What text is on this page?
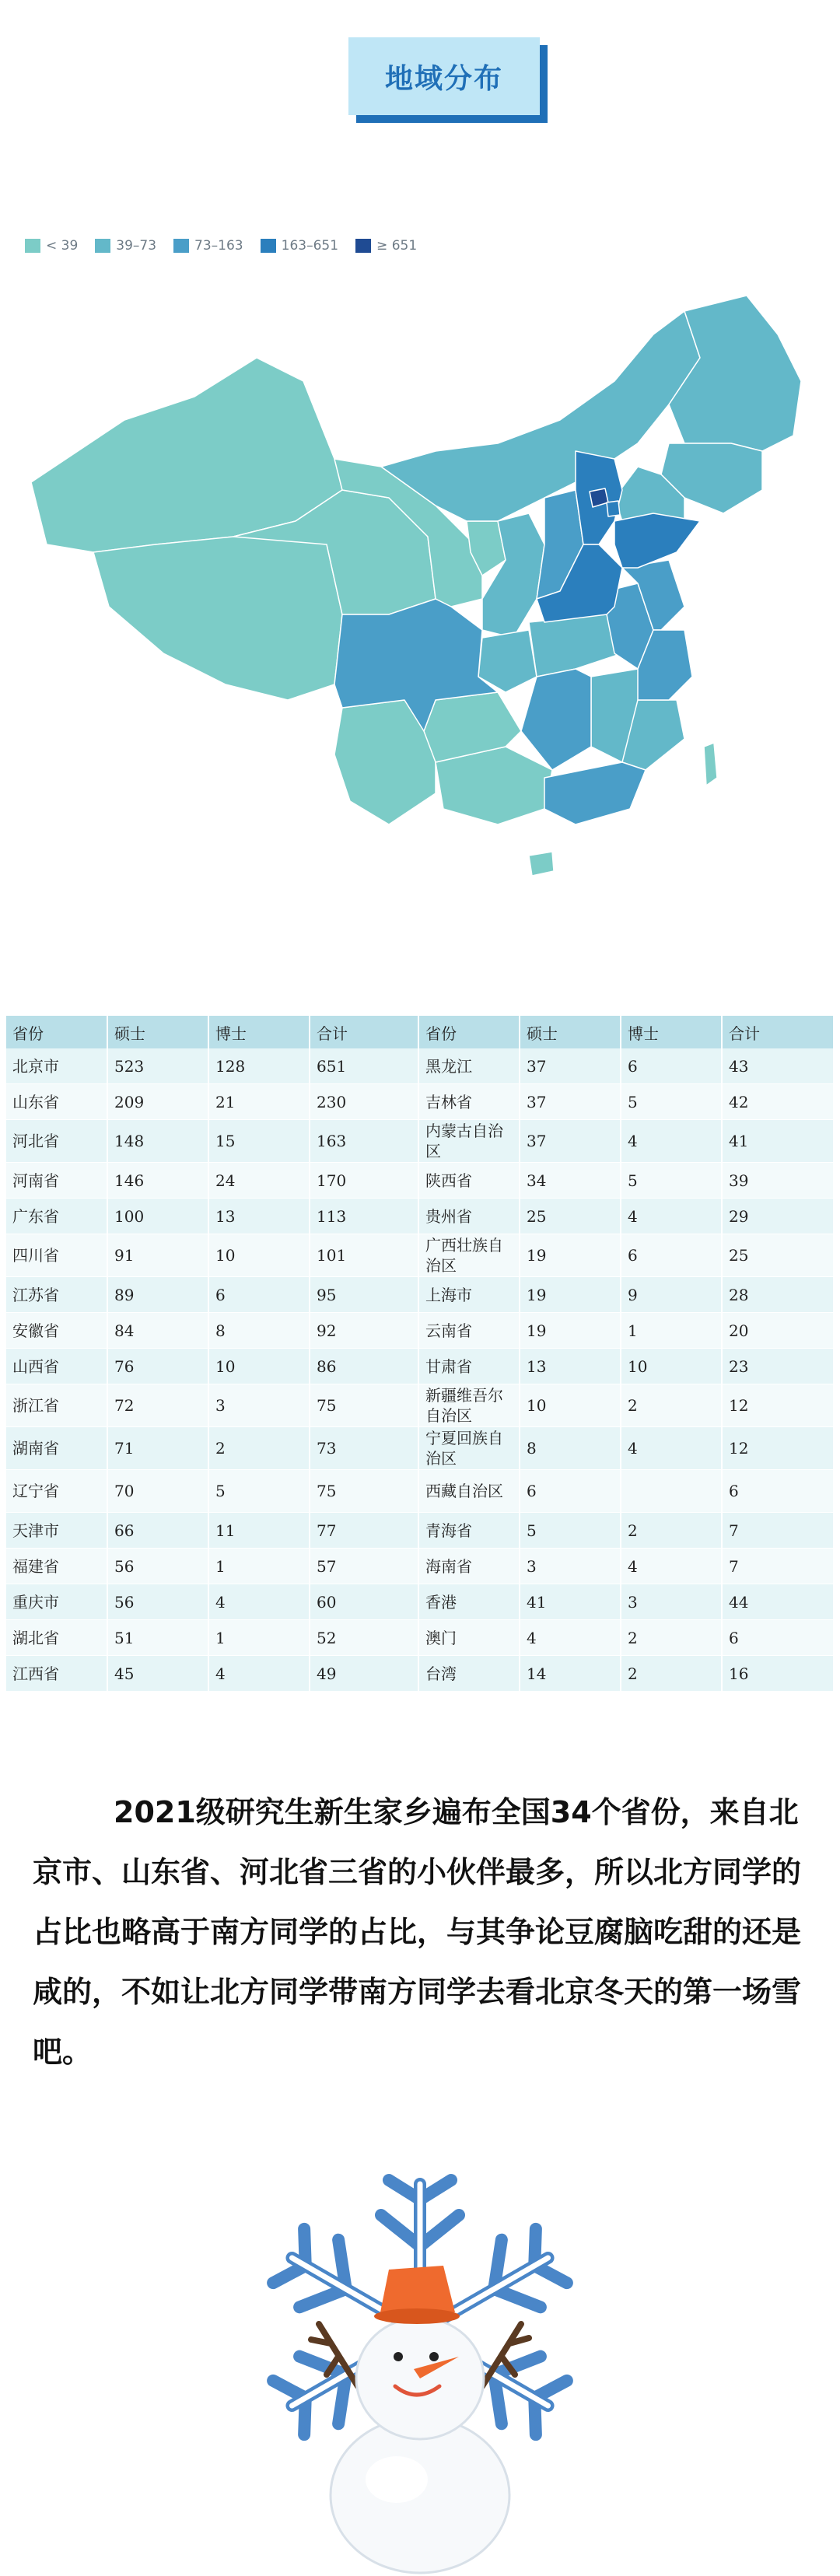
地域分布
< 39	39–73	73–163	163–651	≥ 651
省份	硕士	博士	合计	省份	硕士	博士	合计
北京市	523	128	651	黑龙江	37	6	43
山东省	209	21	230	吉林省	37	5	42
河北省	148	15	163	内蒙古自治区	37	4	41
河南省	146	24	170	陕西省	34	5	39
广东省	100	13	113	贵州省	25	4	29
四川省	91	10	101	广西壮族自治区	19	6	25
江苏省	89	6	95	上海市	19	9	28
安徽省	84	8	92	云南省	19	1	20
山西省	76	10	86	甘肃省	13	10	23
浙江省	72	3	75	新疆维吾尔自治区	10	2	12
湖南省	71	2	73	宁夏回族自治区	8	4	12
辽宁省	70	5	75	西藏自治区	6		6
天津市	66	11	77	青海省	5	2	7
福建省	56	1	57	海南省	3	4	7
重庆市	56	4	60	香港	41	3	44
湖北省	51	1	52	澳门	4	2	6
江西省	45	4	49	台湾	14	2	16
2021级研究生新生家乡遍布全国34个省份，来自北京市、山东省、河北省三省的小伙伴最多，所以北方同学的占比也略高于南方同学的占比，与其争论豆腐脑吃甜的还是咸的，不如让北方同学带南方同学去看北京冬天的第一场雪吧。
